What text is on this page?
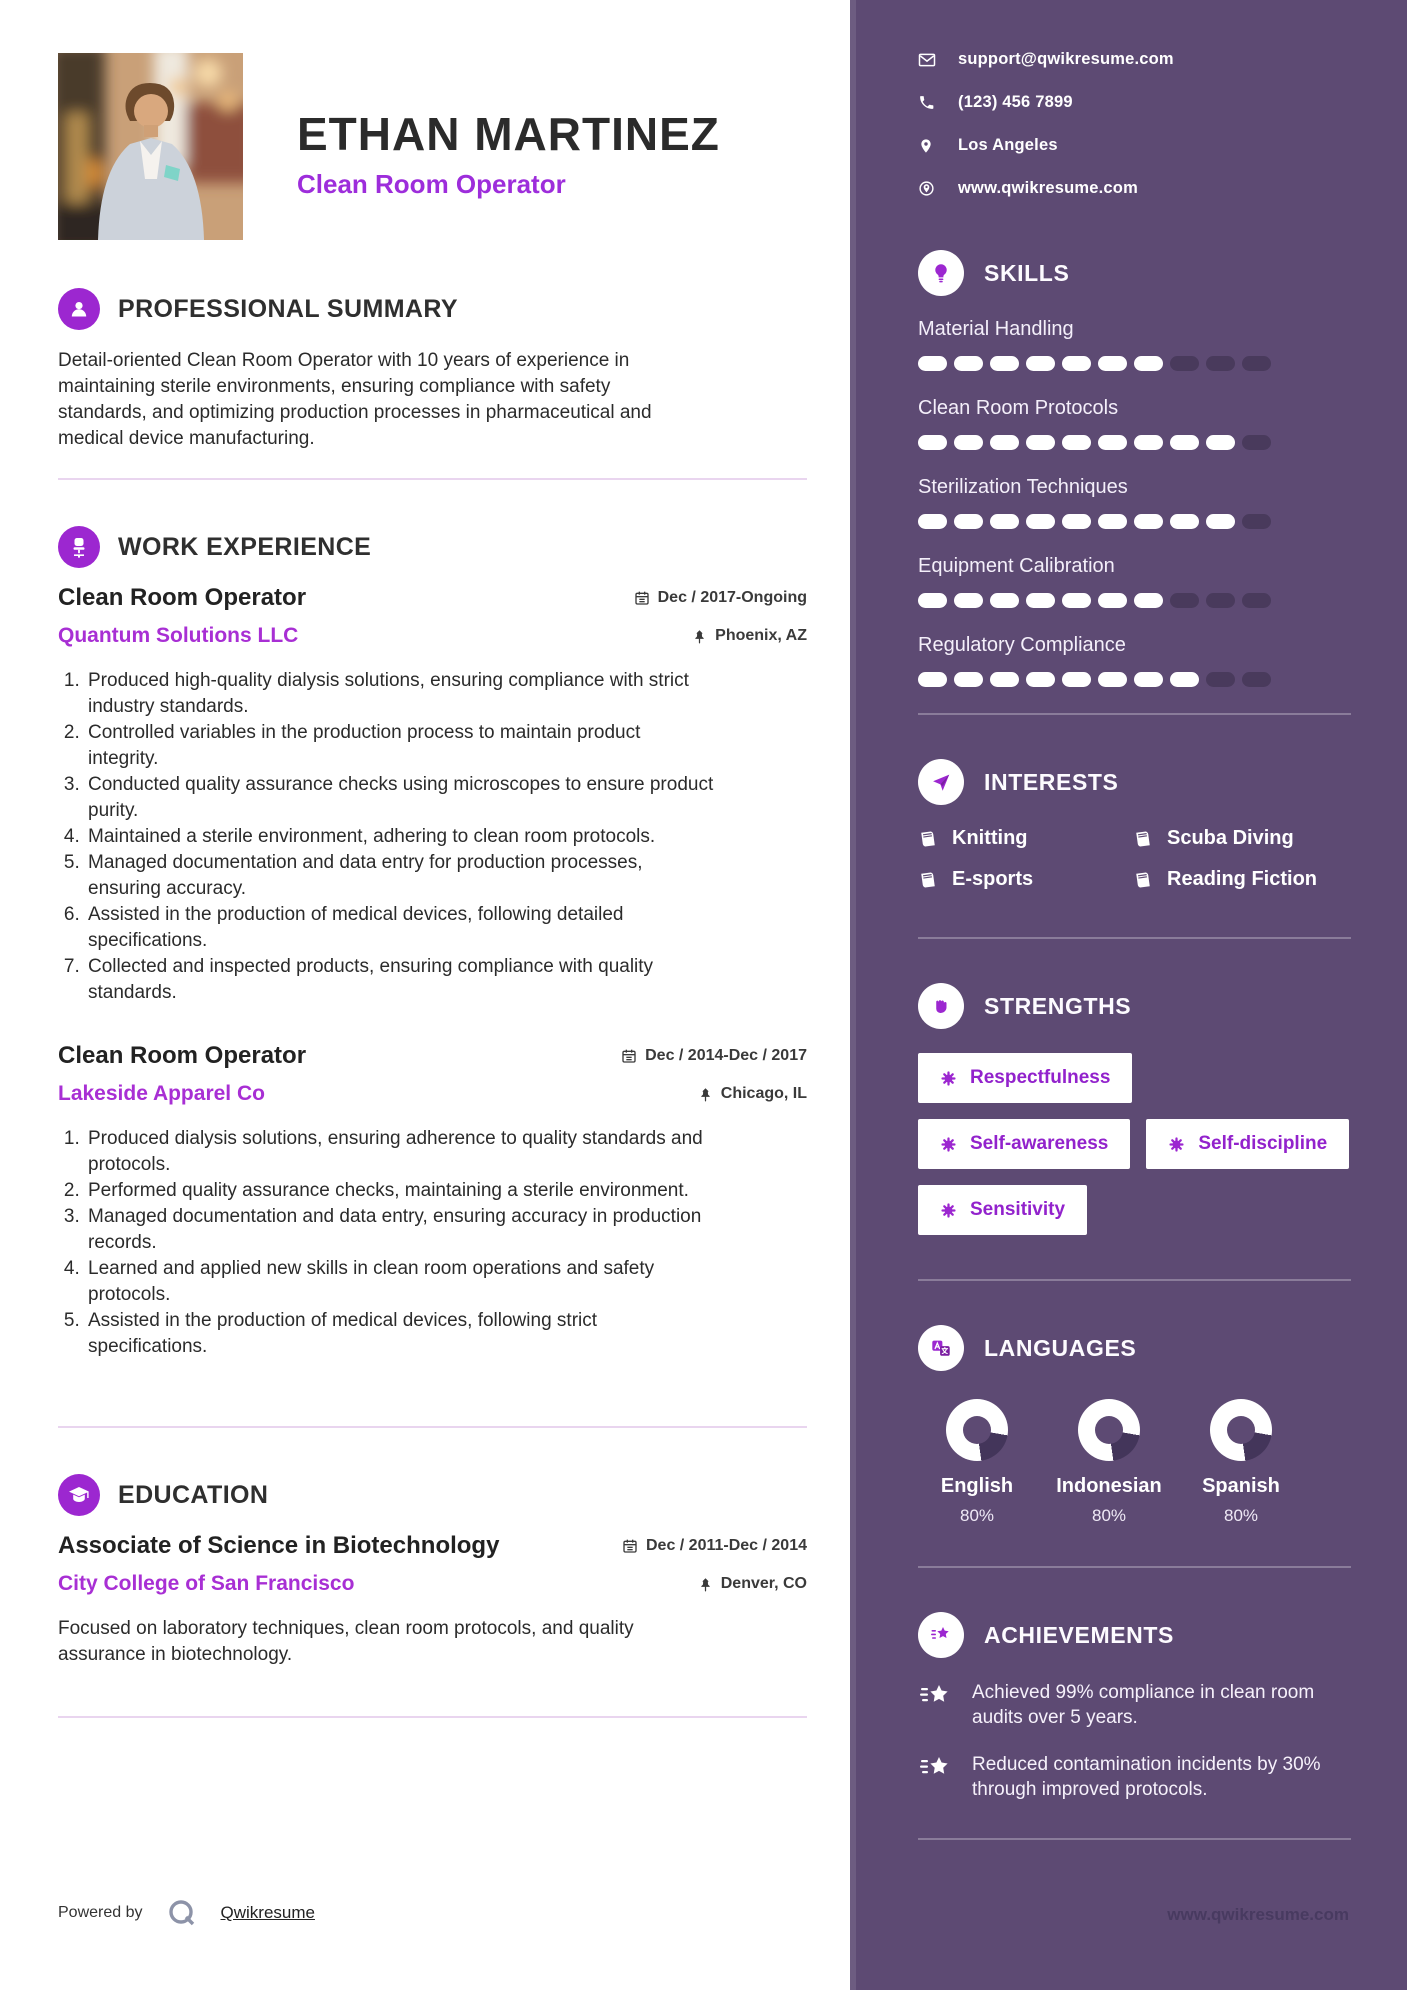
ETHAN MARTINEZ
Clean Room Operator
PROFESSIONAL SUMMARY
Detail-oriented Clean Room Operator with 10 years of experience in maintaining sterile environments, ensuring compliance with safety standards, and optimizing production processes in pharmaceutical and medical device manufacturing.
WORK EXPERIENCE
Clean Room Operator	Dec / 2017-Ongoing
Quantum Solutions LLC	Phoenix, AZ
1. Produced high-quality dialysis solutions, ensuring compliance with strict industry standards.
2. Controlled variables in the production process to maintain product integrity.
3. Conducted quality assurance checks using microscopes to ensure product purity.
4. Maintained a sterile environment, adhering to clean room protocols.
5. Managed documentation and data entry for production processes, ensuring accuracy.
6. Assisted in the production of medical devices, following detailed specifications.
7. Collected and inspected products, ensuring compliance with quality standards.
Clean Room Operator	Dec / 2014-Dec / 2017
Lakeside Apparel Co	Chicago, IL
1. Produced dialysis solutions, ensuring adherence to quality standards and protocols.
2. Performed quality assurance checks, maintaining a sterile environment.
3. Managed documentation and data entry, ensuring accuracy in production records.
4. Learned and applied new skills in clean room operations and safety protocols.
5. Assisted in the production of medical devices, following strict specifications.
EDUCATION
Associate of Science in Biotechnology	Dec / 2011-Dec / 2014
City College of San Francisco	Denver, CO
Focused on laboratory techniques, clean room protocols, and quality assurance in biotechnology.
Powered by	Qwikresume
support@qwikresume.com
(123) 456 7899
Los Angeles
www.qwikresume.com
SKILLS
Material Handling
Clean Room Protocols
Sterilization Techniques
Equipment Calibration
Regulatory Compliance
INTERESTS
Knitting	Scuba Diving
E-sports	Reading Fiction
STRENGTHS
Respectfulness
Self-awareness	Self-discipline
Sensitivity
LANGUAGES
English
80%
Indonesian
80%
Spanish
80%
ACHIEVEMENTS
Achieved 99% compliance in clean room audits over 5 years.
Reduced contamination incidents by 30% through improved protocols.
www.qwikresume.com
